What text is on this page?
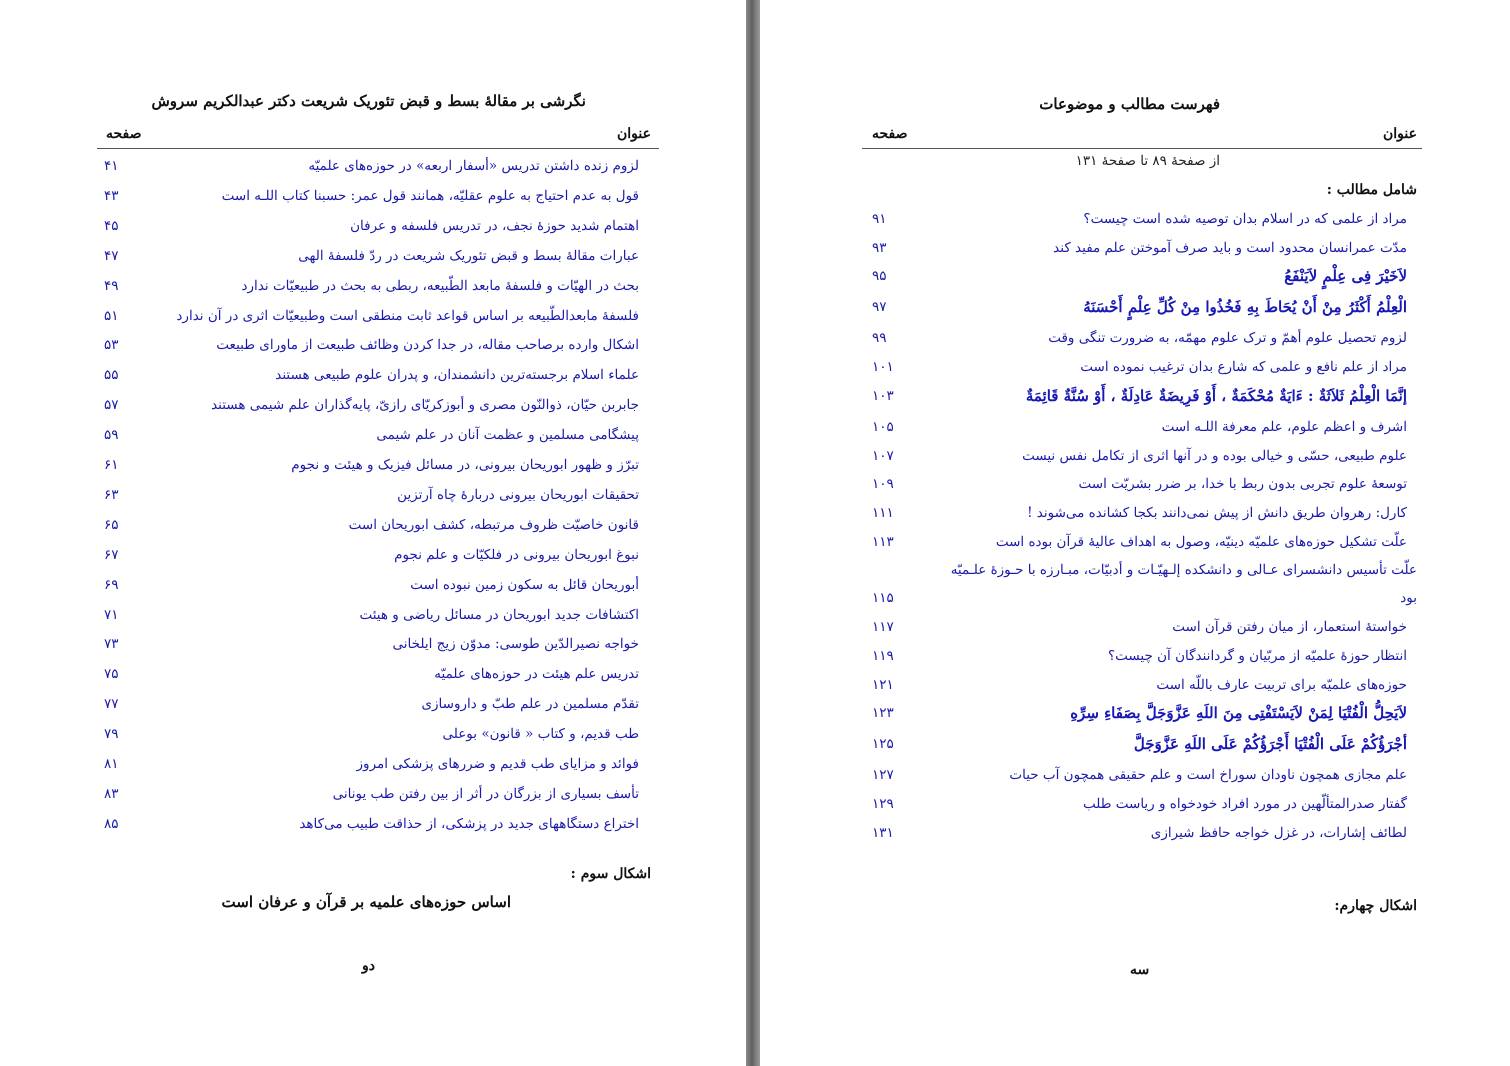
نگرشی بر مقالهٔ بسط و قبض تئوریک شریعت دکتر عبدالکریم سروش
عنوان
صفحه
لزوم زنده داشتن تدریس «أسفار اربعه» در حوزه‌های علمیّه
۴۱
قول به عدم احتیاج به علوم عقلیّه، همانند قول عمر: حسبنا کتاب اللـه است
۴۳
اهتمام شدید حوزهٔ نجف، در تدریس فلسفه و عرفان
۴۵
عبارات مقالهٔ بسط و قبض تئوریک شریعت در ردّ فلسفهٔ الهی
۴۷
بحث در الهیّات و فلسفهٔ مابعد الطّبیعه، ربطی به بحث در طبیعیّات ندارد
۴۹
فلسفهٔ مابعدالطّبیعه بر اساس قواعد ثابت منطقی است وطبیعیّات اثری در آن ندارد
۵۱
اشکال وارده برصاحب مقاله، در جدا کردن وظائف طبیعت از ماورای طبیعت
۵۳
علماء اسلام برجسته‌ترین دانشمندان، و پدران علوم طبیعی هستند
۵۵
جابربن حیّان، ذوالنّون مصری و أبوزکریّای رازیّ، پایه‌گذاران علم شیمی هستند
۵۷
پیشگامی مسلمین و عظمت آنان در علم شیمی
۵۹
تبرّز و ظهور ابوریحان بیرونی، در مسائل فیزیک و هیئت و نجوم
۶۱
تحقیقات ابوریحان بیرونی دربارهٔ چاه آرتزین
۶۳
قانون خاصیّت ظروف مرتبطه، کشف ابوریحان است
۶۵
نبوغ ابوریحان بیرونی در فلکیّات و علم نجوم
۶۷
أبوریحان قائل به سکون زمین نبوده است
۶۹
اکتشافات جدید ابوریحان در مسائل ریاضی و هیئت
۷۱
خواجه نصیرالدّین طوسی: مدوّن زیج ایلخانی
۷۳
تدریس علم هیئت در حوزه‌های علمیّه
۷۵
تقدّم مسلمین در علم طبّ و داروسازی
۷۷
طب قدیم، و کتاب « قانون» بوعلی
۷۹
فوائد و مزایای طب قدیم و ضررهای پزشکی امروز
۸۱
تأسف بسیاری از بزرگان در أثر از بین رفتن طب یونانی
۸۳
اختراع دستگاههای جدید در پزشکی، از حذاقت طبیب می‌کاهد
۸۵
اشکال سوم :
اساس حوزه‌های علمیه بر قرآن و عرفان است
دو
فهرست مطالب و موضوعات
عنوان
صفحه
از صفحهٔ ۸۹ تا صفحهٔ ۱۳۱
شامل مطالب :
مراد از علمی که در اسلام بدان توصیه شده است چیست؟
۹۱
مدّت عمرانسان محدود است و باید صرف آموختن علم مفید کند
۹۳
لاَخَیْرَ فِی عِلْمٍ لاَیَنْفَعُ
۹۵
الْعِلْمُ أَكْثَرُ مِنْ أَنْ یُحَاطَ بِهِ فَخُذُوا مِنْ کُلِّ عِلْمٍ أَحْسَنَهُ
۹۷
لزوم تحصیل علوم أهمّ و ترک علوم مهمّه، به ضرورت تنگی وقت
۹۹
مراد از علم نافع و علمی که شارع بدان ترغیب نموده است
۱۰۱
إنَّمَا الْعِلْمُ ثَلاَثَةٌ : ءَایَةٌ مُحْکَمَةٌ ، أَوْ فَرِیضَةٌ عَادِلَةٌ ، أَوْ سُنَّةٌ قَائِمَةٌ
۱۰۳
اشرف و اعظم علوم، علم معرفة اللـه است
۱۰۵
علوم طبیعی، حسّی و خیالی بوده و در آنها اثری از تکامل نفس نیست
۱۰۷
توسعهٔ علوم تجربی بدون ربط با خدا، بر ضرر بشریّت است
۱۰۹
کارل: رهروان طریق دانش از پیش نمی‌دانند بکجا کشانده می‌شوند !
۱۱۱
علّت تشکیل حوزه‌های علمیّه دینیّه، وصول به اهداف عالیهٔ قرآن بوده است
۱۱۳
علّت تأسیس دانشسرای عـالی و دانشکده إلـهیّـات و أدبیّات، مبـارزه با حـوزهٔ علـمیّه
۱۱۵	بود
خواستهٔ استعمار، از میان رفتن قرآن است
۱۱۷
انتظار حوزهٔ علمیّه از مربّیان و گردانندگان آن چیست؟
۱۱۹
حوزه‌های علمیّه برای تربیت عارف باللّه است
۱۲۱
لاَیَحِلُّ الْفُتْیَا لِمَنْ لاَیَسْتَفْتِی مِنَ اللَهِ عَزَّوَجَلَّ بِصَفَاءِ سِرِّهِ
۱۲۳
أجْرَؤُکُمْ عَلَى الْفُتْیَا أَجْرَؤُکُمْ عَلَى اللَهِ عَزَّوَجَلَّ
۱۲۵
علم مجازی همچون ناودان سوراخ است و علم حقیقی همچون آب حیات
۱۲۷
گفتار صدرالمتألّهین در مورد افراد خودخواه و ریاست طلب
۱۲۹
لطائف إشارات، در غزل خواجه حافظ شیرازی
۱۳۱
اشکال چهارم:
سه
